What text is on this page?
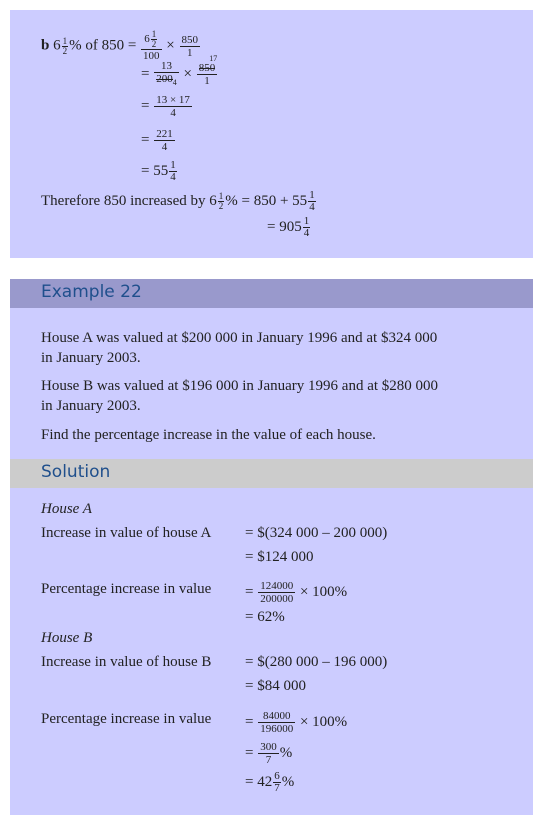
b $6 \frac{1}{2}$ % of $850 = \frac{6 \frac{1}{2}}{100} \times \frac{850}{1}$
= $\frac{13}{200_4} \times 850$
17
1
= $\frac{13 \times 17}{4}$
= $\frac{221}{4}$
= $55 \frac{1}{4}$
Therefore 850 increased by $6 \frac{1}{2}$ % = $850 + 55 \frac{1}{4}$
= $905 \frac{1}{4}$
Example 22
House A was valued at $200 000 in January 1996 and at $324 000
in January 2003.
House B was valued at $196 000 in January 1996 and at $280 000
in January 2003.
Find the percentage increase in the value of each house.
Solution
House A
Increase in value of house A = $(324 000 – 200 000)
= $124 000
Percentage increase in value = $\frac{124000}{200000} \times 100\%$
= 62%
House B
Increase in value of house B = $(280 000 – 196 000)
= $84 000
Percentage increase in value = $\frac{84000}{196000} \times 100\%$
= $\frac{300}{7}$ %
= $42 \frac{6}{7}$ %
